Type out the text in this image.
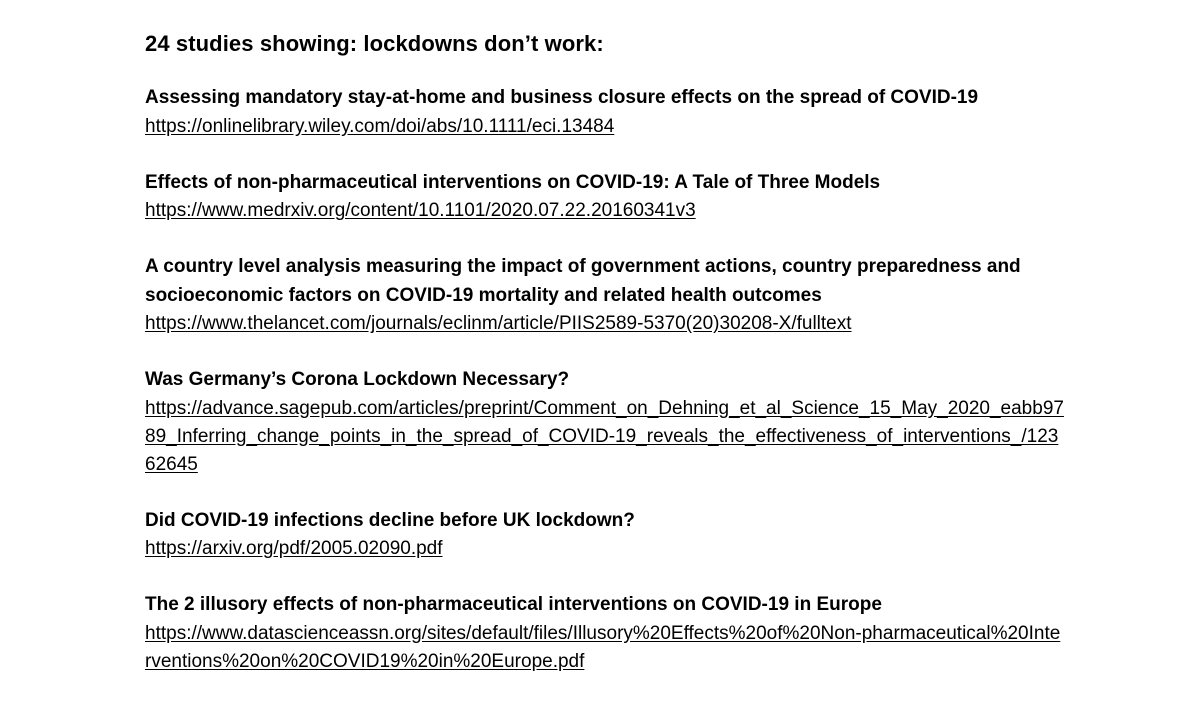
24 studies showing: lockdowns don’t work:

Assessing mandatory stay-at-home and business closure effects on the spread of COVID-19

https://onlinelibrary.wiley.com/doi/abs/10.1111/eci.13484

Effects of non-pharmaceutical interventions on COVID-19: A Tale of Three Models

https://www.medrxiv.org/content/10.1101/2020.07.22.20160341v3

A country level analysis measuring the impact of government actions, country preparedness and socioeconomic factors on COVID-19 mortality and related health outcomes

https://www.thelancet.com/journals/eclinm/article/PIIS2589-5370(20)30208-X/fulltext

Was Germany’s Corona Lockdown Necessary?

https://advance.sagepub.com/articles/preprint/Comment_on_Dehning_et_al_Science_15_May_2020_eabb9789_Inferring_change_points_in_the_spread_of_COVID-19_reveals_the_effectiveness_of_interventions_/12362645

Did COVID-19 infections decline before UK lockdown?

https://arxiv.org/pdf/2005.02090.pdf

The 2 illusory effects of non-pharmaceutical interventions on COVID-19 in Europe

https://www.datascienceassn.org/sites/default/files/Illusory%20Effects%20of%20Non-pharmaceutical%20Interventions%20on%20COVID19%20in%20Europe.pdf
